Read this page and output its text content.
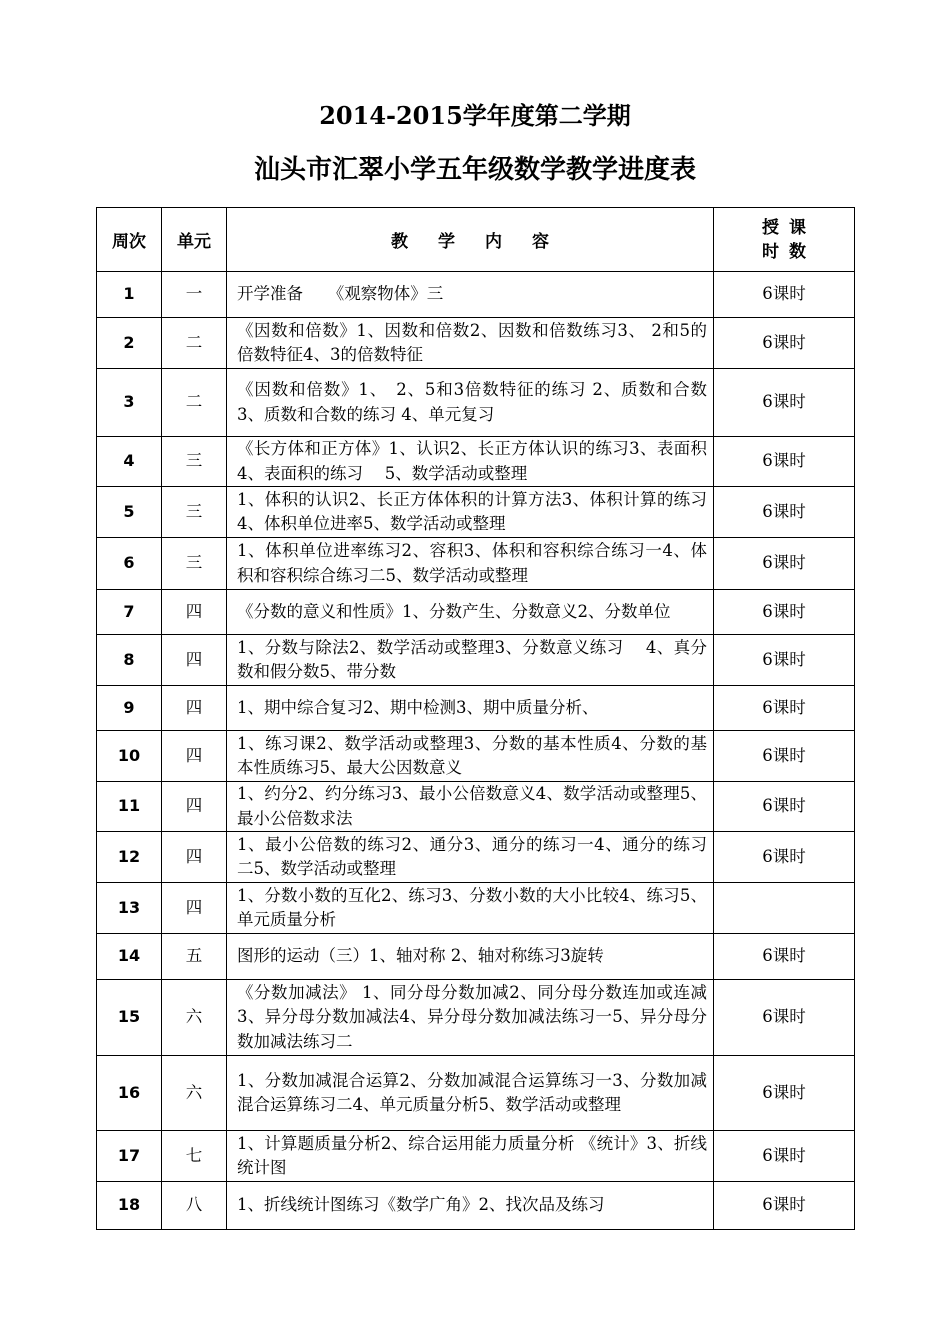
2014-2015学年度第二学期
汕头市汇翠小学五年级数学教学进度表
周次	单元	教学内容	授课
时数

1	一	开学准备　　《观察物体》三	6课时
2	二	《因数和倍数》1、因数和倍数2、因数和倍数练习3、 2和5的倍数特征4、3的倍数特征	6课时
3	二	《因数和倍数》1、　2、5和3倍数特征的练习 2、质数和合数 3、质数和合数的练习 4、单元复习	6课时
4	三	《长方体和正方体》1、认识2、长正方体认识的练习3、表面积4、表面积的练习　 5、数学活动或整理	6课时
5	三	1、体积的认识2、长正方体体积的计算方法3、体积计算的练习4、体积单位进率5、数学活动或整理	6课时
6	三	1、体积单位进率练习2、容积3、体积和容积综合练习一4、体积和容积综合练习二5、数学活动或整理	6课时
7	四	《分数的意义和性质》1、分数产生、分数意义2、分数单位	6课时
8	四	1、分数与除法2、数学活动或整理3、分数意义练习　 4、真分数和假分数5、带分数	6课时
9	四	1、期中综合复习2、期中检测3、期中质量分析、	6课时
10	四	1、练习课2、数学活动或整理3、分数的基本性质4、分数的基本性质练习5、最大公因数意义	6课时
11	四	1、约分2、约分练习3、最小公倍数意义4、数学活动或整理5、最小公倍数求法	6课时
12	四	1、最小公倍数的练习2、通分3、通分的练习一4、通分的练习二5、数学活动或整理	6课时
13	四	1、分数小数的互化2、练习3、分数小数的大小比较4、练习5、单元质量分析	
14	五	图形的运动（三）1、轴对称 2、轴对称练习3旋转	6课时
15	六	《分数加减法》 1、同分母分数加减2、同分母分数连加或连减　　3、异分母分数加减法4、异分母分数加减法练习一5、异分母分数加减法练习二	6课时
16	六	1、分数加减混合运算2、分数加减混合运算练习一3、分数加减混合运算练习二4、单元质量分析5、数学活动或整理	6课时
17	七	1、计算题质量分析2、综合运用能力质量分析 《统计》3、折线统计图	6课时
18	八	1、折线统计图练习《数学广角》2、找次品及练习	6课时
